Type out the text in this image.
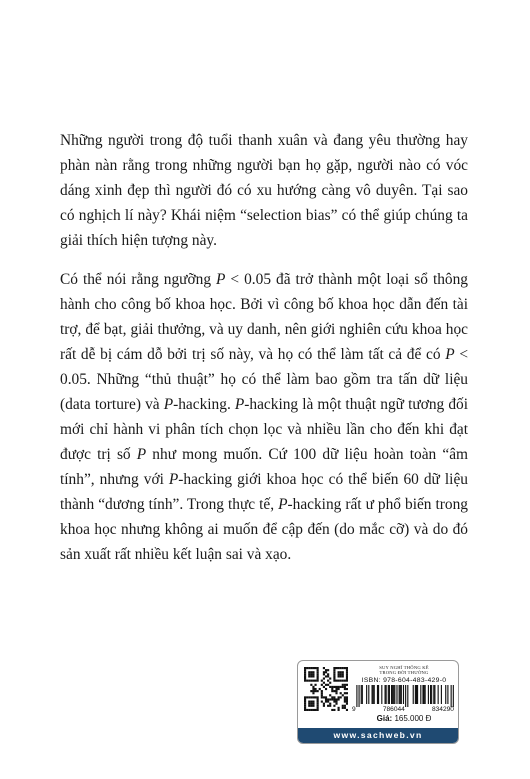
Những người trong độ tuổi thanh xuân và đang yêu thường hay phàn nàn rằng trong những người bạn họ gặp, người nào có vóc dáng xinh đẹp thì người đó có xu hướng càng vô duyên. Tại sao có nghịch lí này? Khái niệm “selection bias” có thể giúp chúng ta giải thích hiện tượng này.

Có thể nói rằng ngưỡng P < 0.05 đã trở thành một loại sổ thông hành cho công bố khoa học. Bởi vì công bố khoa học dẫn đến tài trợ, để bạt, giải thưởng, và uy danh, nên giới nghiên cứu khoa học rất dễ bị cám dỗ bởi trị số này, và họ có thể làm tất cả để có P < 0.05. Những “thủ thuật” họ có thể làm bao gồm tra tấn dữ liệu (data torture) và P-hacking. P-hacking là một thuật ngữ tương đối mới chỉ hành vi phân tích chọn lọc và nhiều lần cho đến khi đạt được trị số P như mong muốn. Cứ 100 dữ liệu hoàn toàn “âm tính”, nhưng với P-hacking giới khoa học có thể biến 60 dữ liệu thành “dương tính”. Trong thực tế, P-hacking rất ư phổ biến trong khoa học nhưng không ai muốn để cập đến (do mắc cỡ) và do đó sản xuất rất nhiều kết luận sai và xạo.

SUY NGHĨ THỐNG KÊ
TRONG ĐỜI THƯỜNG
ISBN: 978-604-483-429-0
9	786044	834290
Giá: 165.000 Đ
www.sachweb.vn
